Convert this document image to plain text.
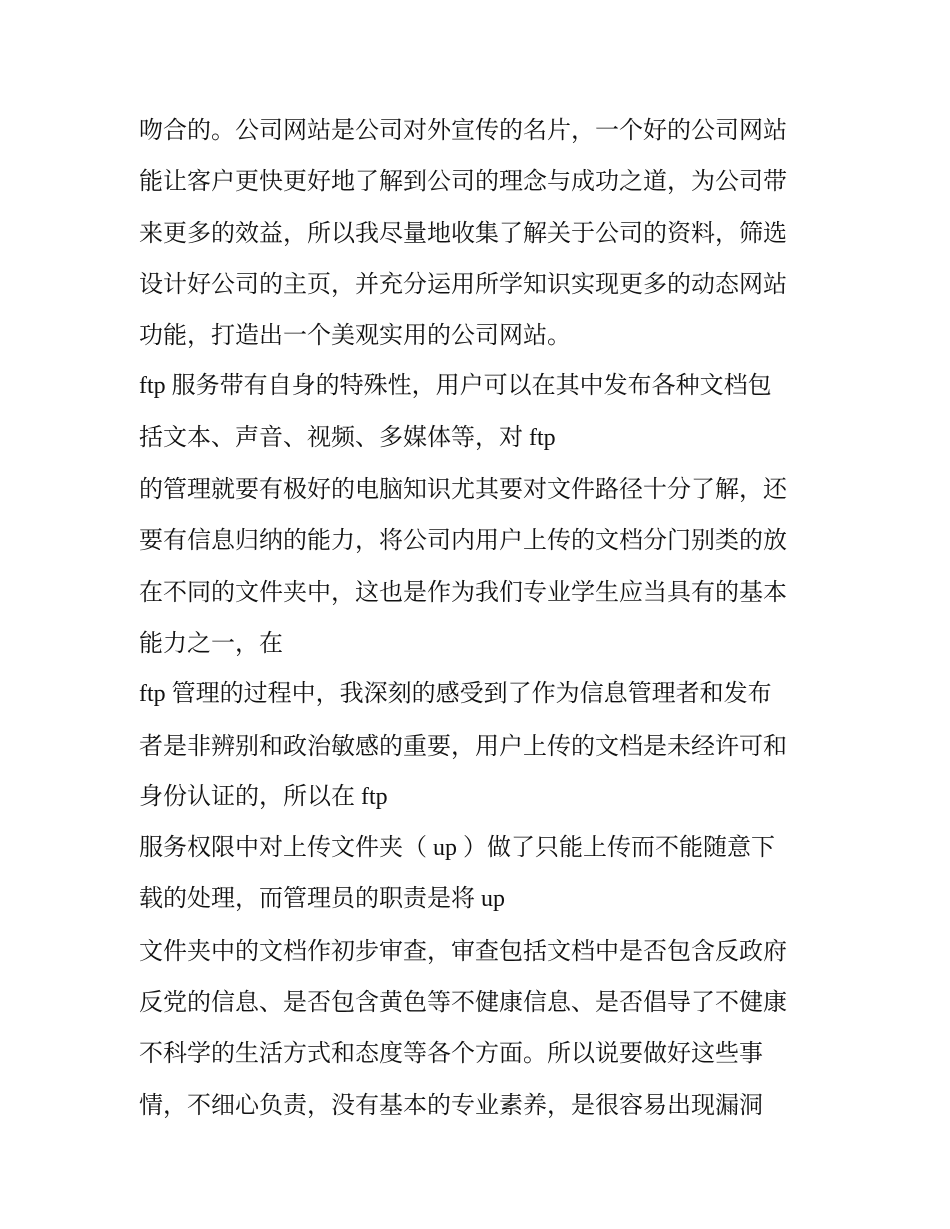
吻合的。公司网站是公司对外宣传的名片，一个好的公司网站
能让客户更快更好地了解到公司的理念与成功之道，为公司带
来更多的效益，所以我尽量地收集了解关于公司的资料，筛选
设计好公司的主页，并充分运用所学知识实现更多的动态网站
功能，打造出一个美观实用的公司网站。
ftp 服务带有自身的特殊性，用户可以在其中发布各种文档包
括文本、声音、视频、多媒体等，对 ftp
的管理就要有极好的电脑知识尤其要对文件路径十分了解，还
要有信息归纳的能力，将公司内用户上传的文档分门别类的放
在不同的文件夹中，这也是作为我们专业学生应当具有的基本
能力之一，在
ftp 管理的过程中，我深刻的感受到了作为信息管理者和发布
者是非辨别和政治敏感的重要，用户上传的文档是未经许可和
身份认证的，所以在 ftp
服务权限中对上传文件夹（ up ）做了只能上传而不能随意下
载的处理，而管理员的职责是将 up
文件夹中的文档作初步审查，审查包括文档中是否包含反政府
反党的信息、是否包含黄色等不健康信息、是否倡导了不健康
不科学的生活方式和态度等各个方面。所以说要做好这些事
情，不细心负责，没有基本的专业素养，是很容易出现漏洞
